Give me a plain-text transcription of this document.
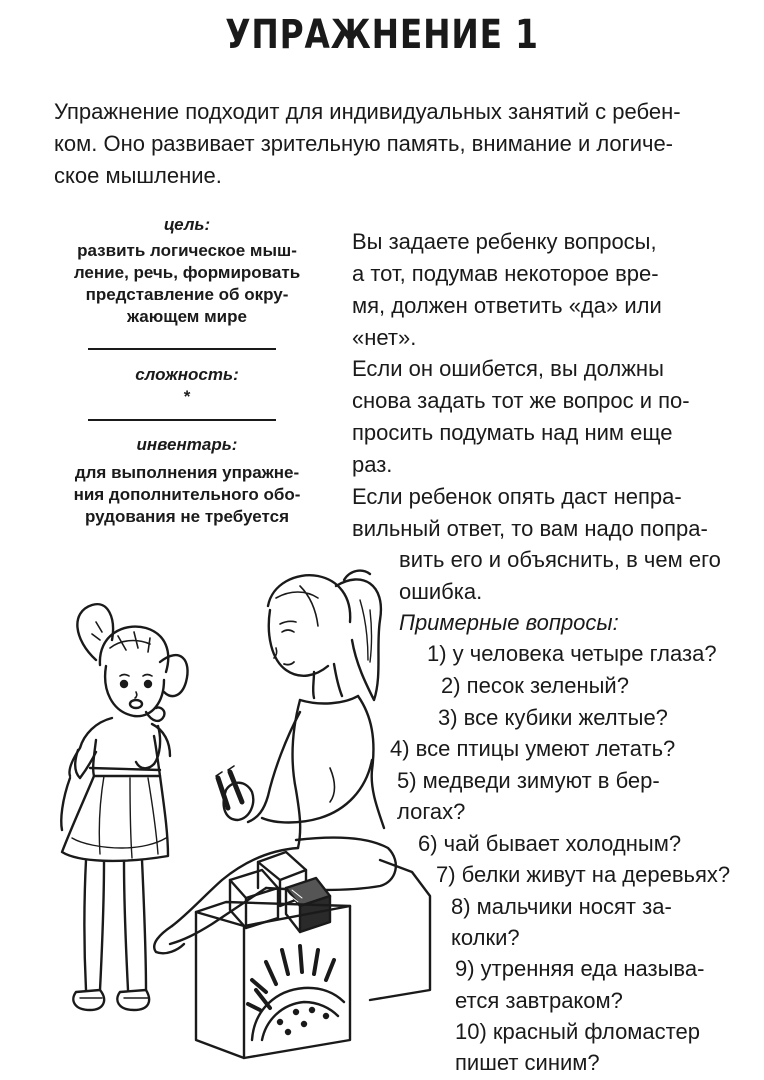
УПРАЖНЕНИЕ 1
Упражнение подходит для индивидуальных занятий с ребен-
ком. Оно развивает зрительную память, внимание и логиче-
ское мышление.
цель:
развить логическое мыш-
ление, речь, формировать
представление об окру-
жающем мире
сложность:
*
инвентарь:
для выполнения упражне-
ния дополнительного обо-
рудования не требуется
Вы задаете ребенку вопросы,
а тот, подумав некоторое вре-
мя, должен ответить «да» или
«нет».
Если он ошибется, вы должны
снова задать тот же вопрос и по-
просить подумать над ним еще
раз.
Если ребенок опять даст непра-
вильный ответ, то вам надо попра-
вить его и объяснить, в чем его
ошибка.
Примерные вопросы:
1) у человека четыре глаза?
2) песок зеленый?
3) все кубики желтые?
4) все птицы умеют летать?
5) медведи зимуют в бер-
логах?
6) чай бывает холодным?
7) белки живут на деревьях?
8) мальчики носят за-
колки?
9) утренняя еда называ-
ется завтраком?
10) красный фломастер
пишет синим?
